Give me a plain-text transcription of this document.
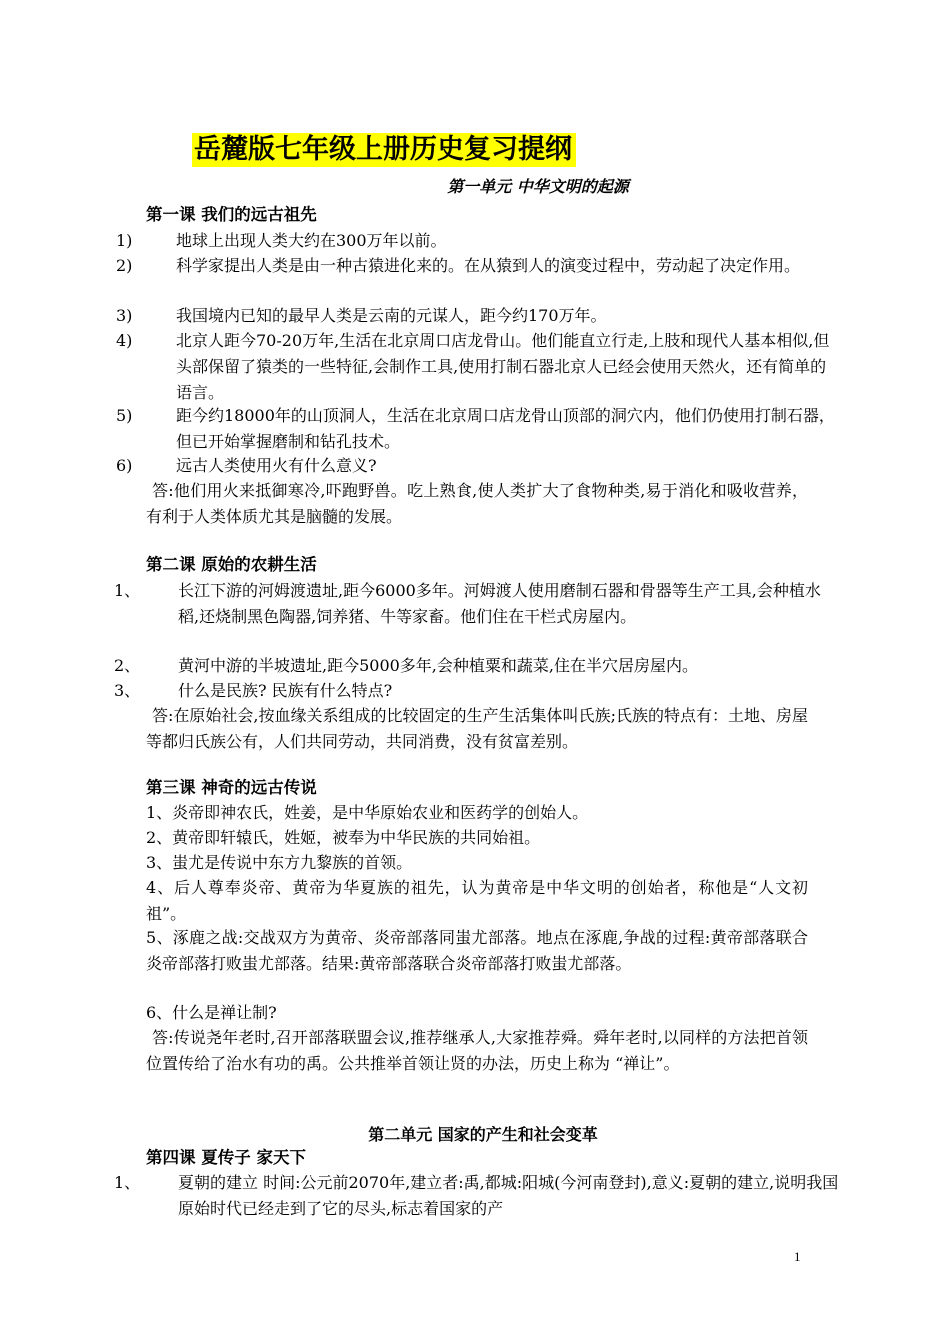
岳麓版七年级上册历史复习提纲
第一单元 中华文明的起源
第一课 我们的远古祖先
1)	地球上出现人类大约在300万年以前。
2)	科学家提出人类是由一种古猿进化来的。在从猿到人的演变过程中，劳动起了决定作用。
3)	我国境内已知的最早人类是云南的元谋人，距今约170万年。
4)	北京人距今70-20万年,生活在北京周口店龙骨山。他们能直立行走,上肢和现代人基本相似,但头部保留了猿类的一些特征,会制作工具,使用打制石器北京人已经会使用天然火，还有简单的语言。
5)	距今约18000年的山顶洞人，生活在北京周口店龙骨山顶部的洞穴内，他们仍使用打制石器，但已开始掌握磨制和钻孔技术。
6)	远古人类使用火有什么意义?
答:他们用火来抵御寒冷,吓跑野兽。吃上熟食,使人类扩大了食物种类,易于消化和吸收营养，有利于人类体质尤其是脑髓的发展。
第二课 原始的农耕生活
1、 长江下游的河姆渡遗址,距今6000多年。河姆渡人使用磨制石器和骨器等生产工具,会种植水稻,还烧制黑色陶器,饲养猪、牛等家畜。他们住在干栏式房屋内。
2、 黄河中游的半坡遗址,距今5000多年,会种植粟和蔬菜,住在半穴居房屋内。
3、 什么是民族? 民族有什么特点?
答:在原始社会,按血缘关系组成的比较固定的生产生活集体叫氏族;氏族的特点有：土地、房屋等都归氏族公有，人们共同劳动，共同消费，没有贫富差别。
第三课 神奇的远古传说
1、炎帝即神农氏，姓姜，是中华原始农业和医药学的创始人。
2、黄帝即轩辕氏，姓姬，被奉为中华民族的共同始祖。
3、蚩尤是传说中东方九黎族的首领。
4、后人尊奉炎帝、黄帝为华夏族的祖先，认为黄帝是中华文明的创始者，称他是“人文初祖”。
5、涿鹿之战:交战双方为黄帝、炎帝部落同蚩尤部落。地点在涿鹿,争战的过程:黄帝部落联合炎帝部落打败蚩尤部落。结果:黄帝部落联合炎帝部落打败蚩尤部落。
6、什么是禅让制?
答:传说尧年老时,召开部落联盟会议,推荐继承人,大家推荐舜。舜年老时,以同样的方法把首领位置传给了治水有功的禹。公共推举首领让贤的办法，历史上称为 “禅让”。
第二单元 国家的产生和社会变革
第四课 夏传子 家天下
1、 夏朝的建立 时间:公元前2070年,建立者:禹,都城:阳城(今河南登封),意义:夏朝的建立,说明我国原始时代已经走到了它的尽头,标志着国家的产
1
